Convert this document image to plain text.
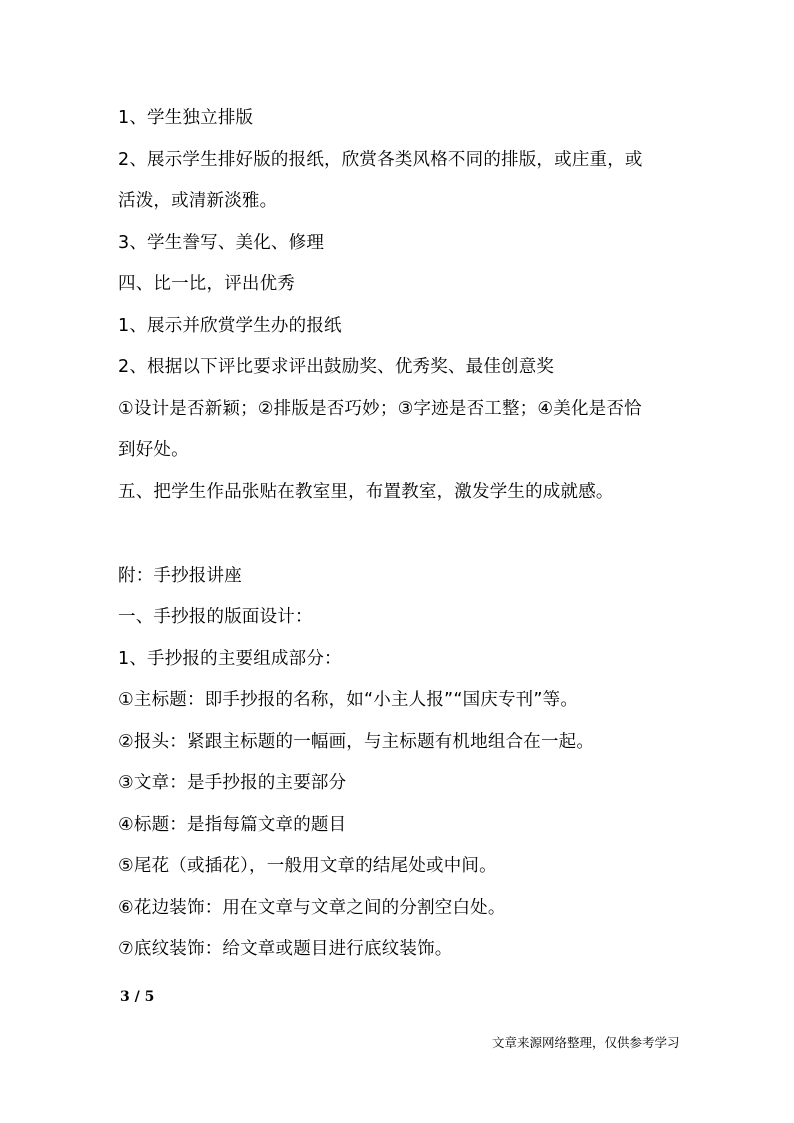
1、学生独立排版
2、展示学生排好版的报纸，欣赏各类风格不同的排版，或庄重，或
活泼，或清新淡雅。
3、学生誊写、美化、修理
四、比一比，评出优秀
1、展示并欣赏学生办的报纸
2、根据以下评比要求评出鼓励奖、优秀奖、最佳创意奖
①设计是否新颖；②排版是否巧妙；③字迹是否工整；④美化是否恰
到好处。
五、把学生作品张贴在教室里，布置教室，激发学生的成就感。
附：手抄报讲座
一、手抄报的版面设计：
1、手抄报的主要组成部分：
①主标题：即手抄报的名称，如“小主人报”“国庆专刊”等。
②报头：紧跟主标题的一幅画，与主标题有机地组合在一起。
③文章：是手抄报的主要部分
④标题：是指每篇文章的题目
⑤尾花（或插花），一般用文章的结尾处或中间。
⑥花边装饰：用在文章与文章之间的分割空白处。
⑦底纹装饰：给文章或题目进行底纹装饰。
3 / 5
文章来源网络整理，仅供参考学习
